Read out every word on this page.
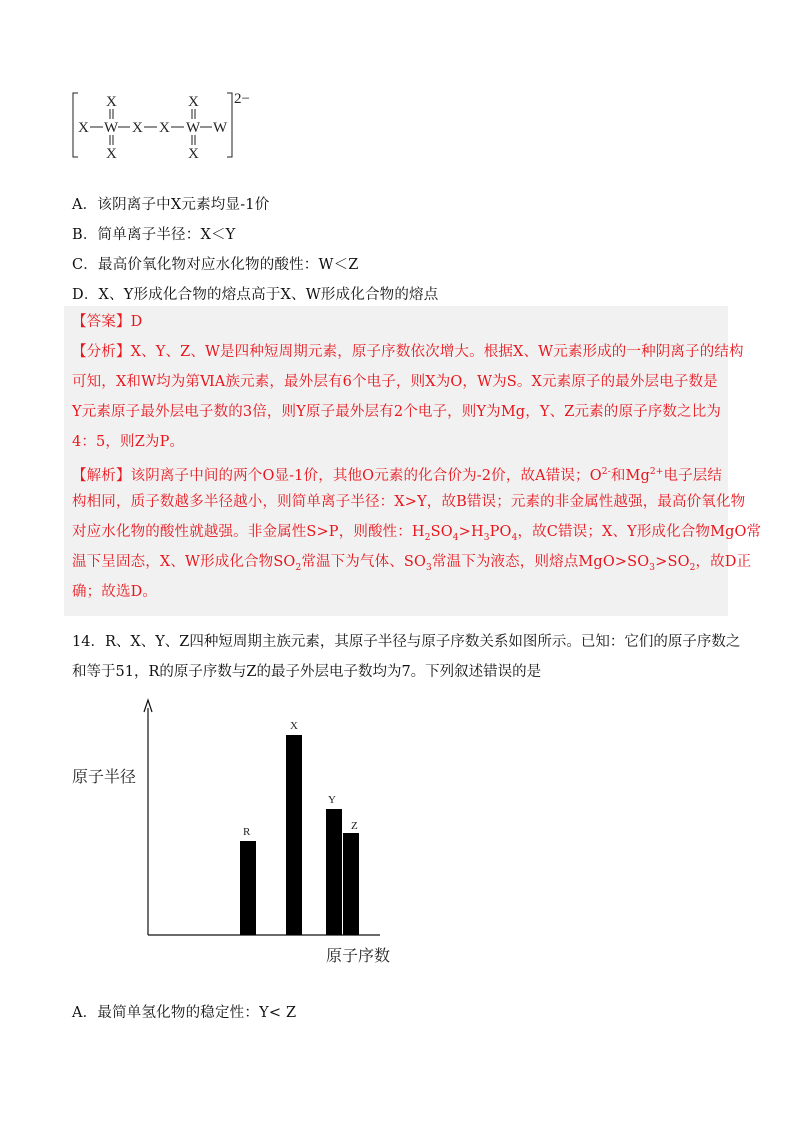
2−
X W X X W W
X
X
X
X
A．该阴离子中X元素均显-1价
B．简单离子半径：X＜Y
C．最高价氧化物对应水化物的酸性：W＜Z
D．X、Y形成化合物的熔点高于X、W形成化合物的熔点
【答案】D
【分析】X、Y、Z、W是四种短周期元素，原子序数依次增大。根据X、W元素形成的一种阴离子的结构
可知，X和W均为第ⅥA族元素，最外层有6个电子，则X为O，W为S。X元素原子的最外层电子数是
Y元素原子最外层电子数的3倍，则Y原子最外层有2个电子，则Y为Mg，Y、Z元素的原子序数之比为
4：5，则Z为P。
【解析】该阴离子中间的两个O显-1价，其他O元素的化合价为-2价，故A错误；$O^{2-}$和$Mg^{2+}$电子层结
构相同，质子数越多半径越小，则简单离子半径：X>Y，故B错误；元素的非金属性越强，最高价氧化物
对应水化物的酸性就越强。非金属性S>P，则酸性：$H_2SO_4>H_3PO_4$，故C错误；X、Y形成化合物MgO常
温下呈固态，X、W形成化合物$SO_2$常温下为气体、$SO_3$常温下为液态，则熔点$MgO>SO_3>SO_2$，故D正
确；故选D。
14．R、X、Y、Z四种短周期主族元素，其原子半径与原子序数关系如图所示。已知：它们的原子序数之
和等于51，R的原子序数与Z的最子外层电子数均为7。下列叙述错误的是
原子半径
原子序数
R
X
Y
Z
A．最简单氢化物的稳定性：Y< Z
